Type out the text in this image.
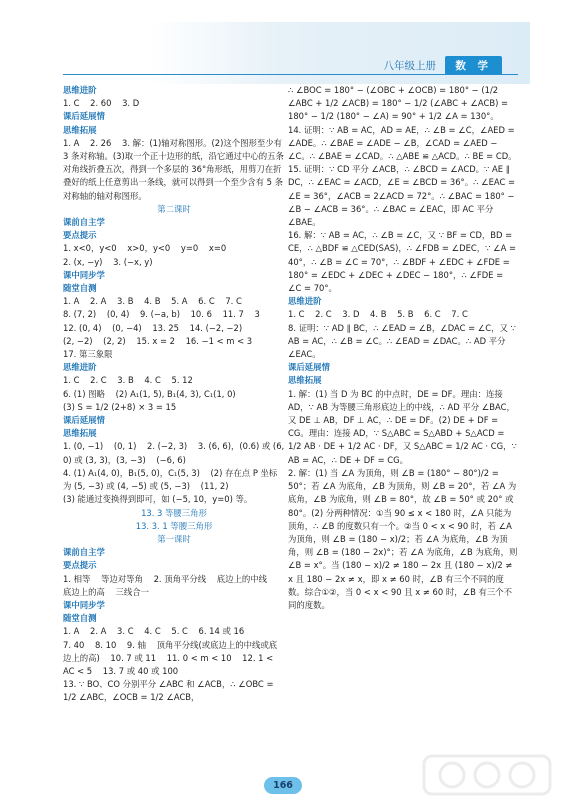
八年级上册 数 学
思维进阶
1. C    2. 60    3. D
课后延展情
思维拓展
1. A    2. 26    3. 解：(1)轴对称图形。(2)这个图形至少有 3 条对称轴。(3)取一个正十边形的纸，沿它通过中心的五条对角线折叠五次，得到一个多层的 36°角形纸，用剪刀在折叠好的纸上任意剪出一条线，就可以得到一个至少含有 5 条对称轴的轴对称图形。
第二课时
课前自主学
要点提示
1. x<0，y<0    x>0，y<0    y=0    x=0
2. (x, −y)    3. (−x, y)
课中同步学
随堂自测
1. A    2. A    3. B    4. B    5. A    6. C    7. C
8. (7, 2)    (0, 4)    9. (−a, b)    10. 6    11. 7    3
12. (0, 4)    (0, −4)    13. 25    14. (−2, −2)
(2, −2)    (2, 2)    15. x = 2    16. −1 < m < 3
17. 第三象限
思维进阶
1. C    2. C    3. B    4. C    5. 12
6. (1) 图略    (2) A₁(1, 5), B₁(4, 3), C₁(1, 0)
(3) S = 1/2 (2+8) × 3 = 15
课后延展情
思维拓展
1. (0, −1)    (0, 1)    2. (−2, 3)    3. (6, 6)，(0.6) 或 (6, 0) 或 (3, 3)，(3, −3)    (−6, 6)
4. (1) A₁(4, 0)，B₁(5, 0)，C₁(5, 3)    (2) 存在点 P 坐标为 (5, −3) 或 (4, −5) 或 (5, −3)    (11, 2)
(3) 能通过变换得到即可，如 (−5, 10，y=0) 等。
13. 3 等腰三角形
13. 3. 1 等腰三角形
第一课时
课前自主学
要点提示
1. 相等    等边对等角    2. 顶角平分线    底边上的中线    底边上的高    三线合一
课中同步学
随堂自测
1. A    2. A    3. C    4. C    5. C    6. 14 或 16
7. 40    8. 10    9. 轴    顶角平分线(或底边上的中线或底边上的高)    10. 7 或 11    11. 0 < m < 10    12. 1 < AC < 5    13. 7 或 40 或 100
13. ∵ BO、CO 分别平分 ∠ABC 和 ∠ACB，∴ ∠OBC = 1/2 ∠ABC，∠OCB = 1/2 ∠ACB，
∴ ∠BOC = 180° − (∠OBC + ∠OCB) = 180° − (1/2 ∠ABC + 1/2 ∠ACB) = 180° − 1/2 (∠ABC + ∠ACB) = 180° − 1/2 (180° − ∠A) = 90° + 1/2 ∠A = 130°。
14. 证明：∵ AB = AC，AD = AE，∴ ∠B = ∠C，∠AED = ∠ADE。∴ ∠BAE = ∠ADE − ∠B，∠CAD = ∠AED − ∠C。∴ ∠BAE = ∠CAD。∴ △ABE ≌ △ACD。∴ BE = CD。
15. 证明：∵ CD 平分 ∠ACB，∴ ∠BCD = ∠ACD。∵ AE ∥ DC，∴ ∠EAC = ∠ACD，∠E = ∠BCD = 36°。∴ ∠EAC = ∠E = 36°，∠ACB = 2∠ACD = 72°。∴ ∠BAC = 180° − ∠B − ∠ACB = 36°。∴ ∠BAC = ∠EAC，即 AC 平分 ∠BAE。
16. 解：∵ AB = AC，∴ ∠B = ∠C，又 ∵ BF = CD，BD = CE，∴ △BDF ≌ △CED(SAS)，∴ ∠FDB = ∠DEC，∵ ∠A = 40°，∴ ∠B = ∠C = 70°，∴ ∠BDF + ∠EDC + ∠FDE = 180° = ∠EDC + ∠DEC + ∠DEC − 180°，∴ ∠FDE = ∠C = 70°。
思维进阶
1. C    2. C    3. D    4. B    5. B    6. C    7. C
8. 证明：∵ AD ∥ BC，∴ ∠EAD = ∠B，∠DAC = ∠C，又 ∵ AB = AC，∴ ∠B = ∠C。∴ ∠EAD = ∠DAC。∴ AD 平分 ∠EAC。
课后延展情
思维拓展
1. 解：(1) 当 D 为 BC 的中点时，DE = DF。理由：连接 AD，∵ AB 为等腰三角形底边上的中线，∴ AD 平分 ∠BAC，又 DE ⊥ AB，DF ⊥ AC，∴ DE = DF。(2) DE + DF = CG。理由：连接 AD，∵ S△ABC = S△ABD + S△ACD = 1/2 AB · DE + 1/2 AC · DF，又 S△ABC = 1/2 AC · CG，∵ AB = AC，∴ DE + DF = CG。
2. 解：(1) 当 ∠A 为顶角，则 ∠B = (180° − 80°)/2 = 50°；若 ∠A 为底角，∠B 为顶角，则 ∠B = 20°，若 ∠A 为底角，∠B 为底角，则 ∠B = 80°，故 ∠B = 50° 或 20° 或 80°。(2) 分两种情况：①当 90 ≤ x < 180 时，∠A 只能为顶角，∴ ∠B 的度数只有一个。②当 0 < x < 90 时，若 ∠A 为顶角，则 ∠B = (180 − x)/2；若 ∠A 为底角，∠B 为顶角，则 ∠B = (180 − 2x)°；若 ∠A 为底角，∠B 为底角，则 ∠B = x°。当 (180 − x)/2 ≠ 180 − 2x 且 (180 − x)/2 ≠ x 且 180 − 2x ≠ x，即 x ≠ 60 时，∠B 有三个不同的度数。综合①②，当 0 < x < 90 且 x ≠ 60 时，∠B 有三个不同的度数。
166
